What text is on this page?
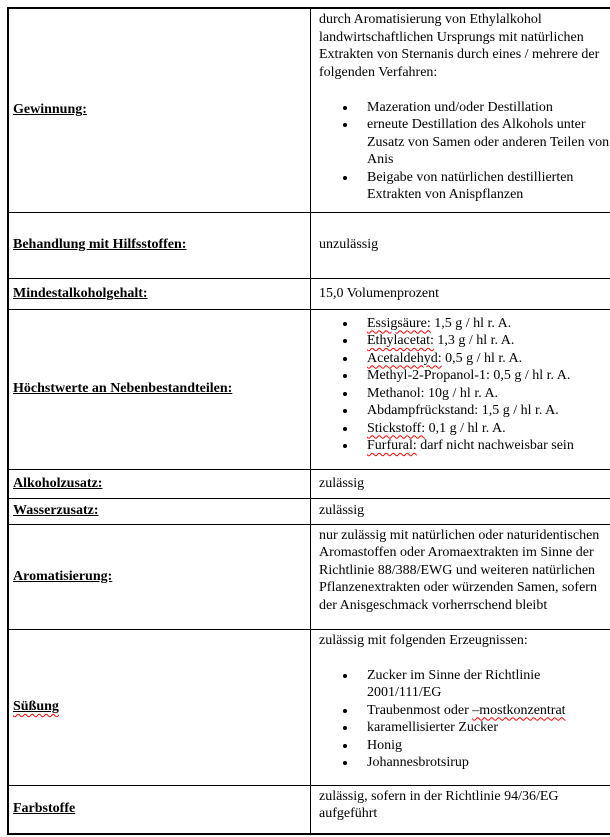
Gewinnung:	
durch Aromatisierung von Ethylalkohol landwirtschaftlichen Ursprungs mit natürlichen Extrakten von Sternanis durch eines / mehrere der folgenden Verfahren:
• Mazeration und/oder Destillation
• erneute Destillation des Alkohols unter Zusatz von Samen oder anderen Teilen von Anis
• Beigabe von natürlichen destillierten Extrakten von Anispflanzen

Behandlung mit Hilfsstoffen:	unzulässig

Mindestalkoholgehalt:	15,0 Volumenprozent

Höchstwerte an Nebenbestandteilen:	
• Essigsäure: 1,5 g / hl r. A.
• Ethylacetat: 1,3 g / hl r. A.
• Acetaldehyd: 0,5 g / hl r. A.
• Methyl-2-Propanol-1: 0,5 g / hl r. A.
• Methanol: 10g / hl r. A.
• Abdampfrückstand: 1,5 g / hl r. A.
• Stickstoff: 0,1 g / hl r. A.
• Furfural: darf nicht nachweisbar sein

Alkoholzusatz:	zulässig

Wasserzusatz:	zulässig

Aromatisierung:	nur zulässig mit natürlichen oder naturidentischen Aromastoffen oder Aromaextrakten im Sinne der Richtlinie 88/388/EWG und weiteren natürlichen Pflanzenextrakten oder würzenden Samen, sofern der Anisgeschmack vorherrschend bleibt

Süßung	
zulässig mit folgenden Erzeugnissen:
• Zucker im Sinne der Richtlinie 2001/111/EG
• Traubenmost oder –mostkonzentrat
• karamellisierter Zucker
• Honig
• Johannesbrotsirup

Farbstoffe	zulässig, sofern in der Richtlinie 94/36/EG aufgeführt
